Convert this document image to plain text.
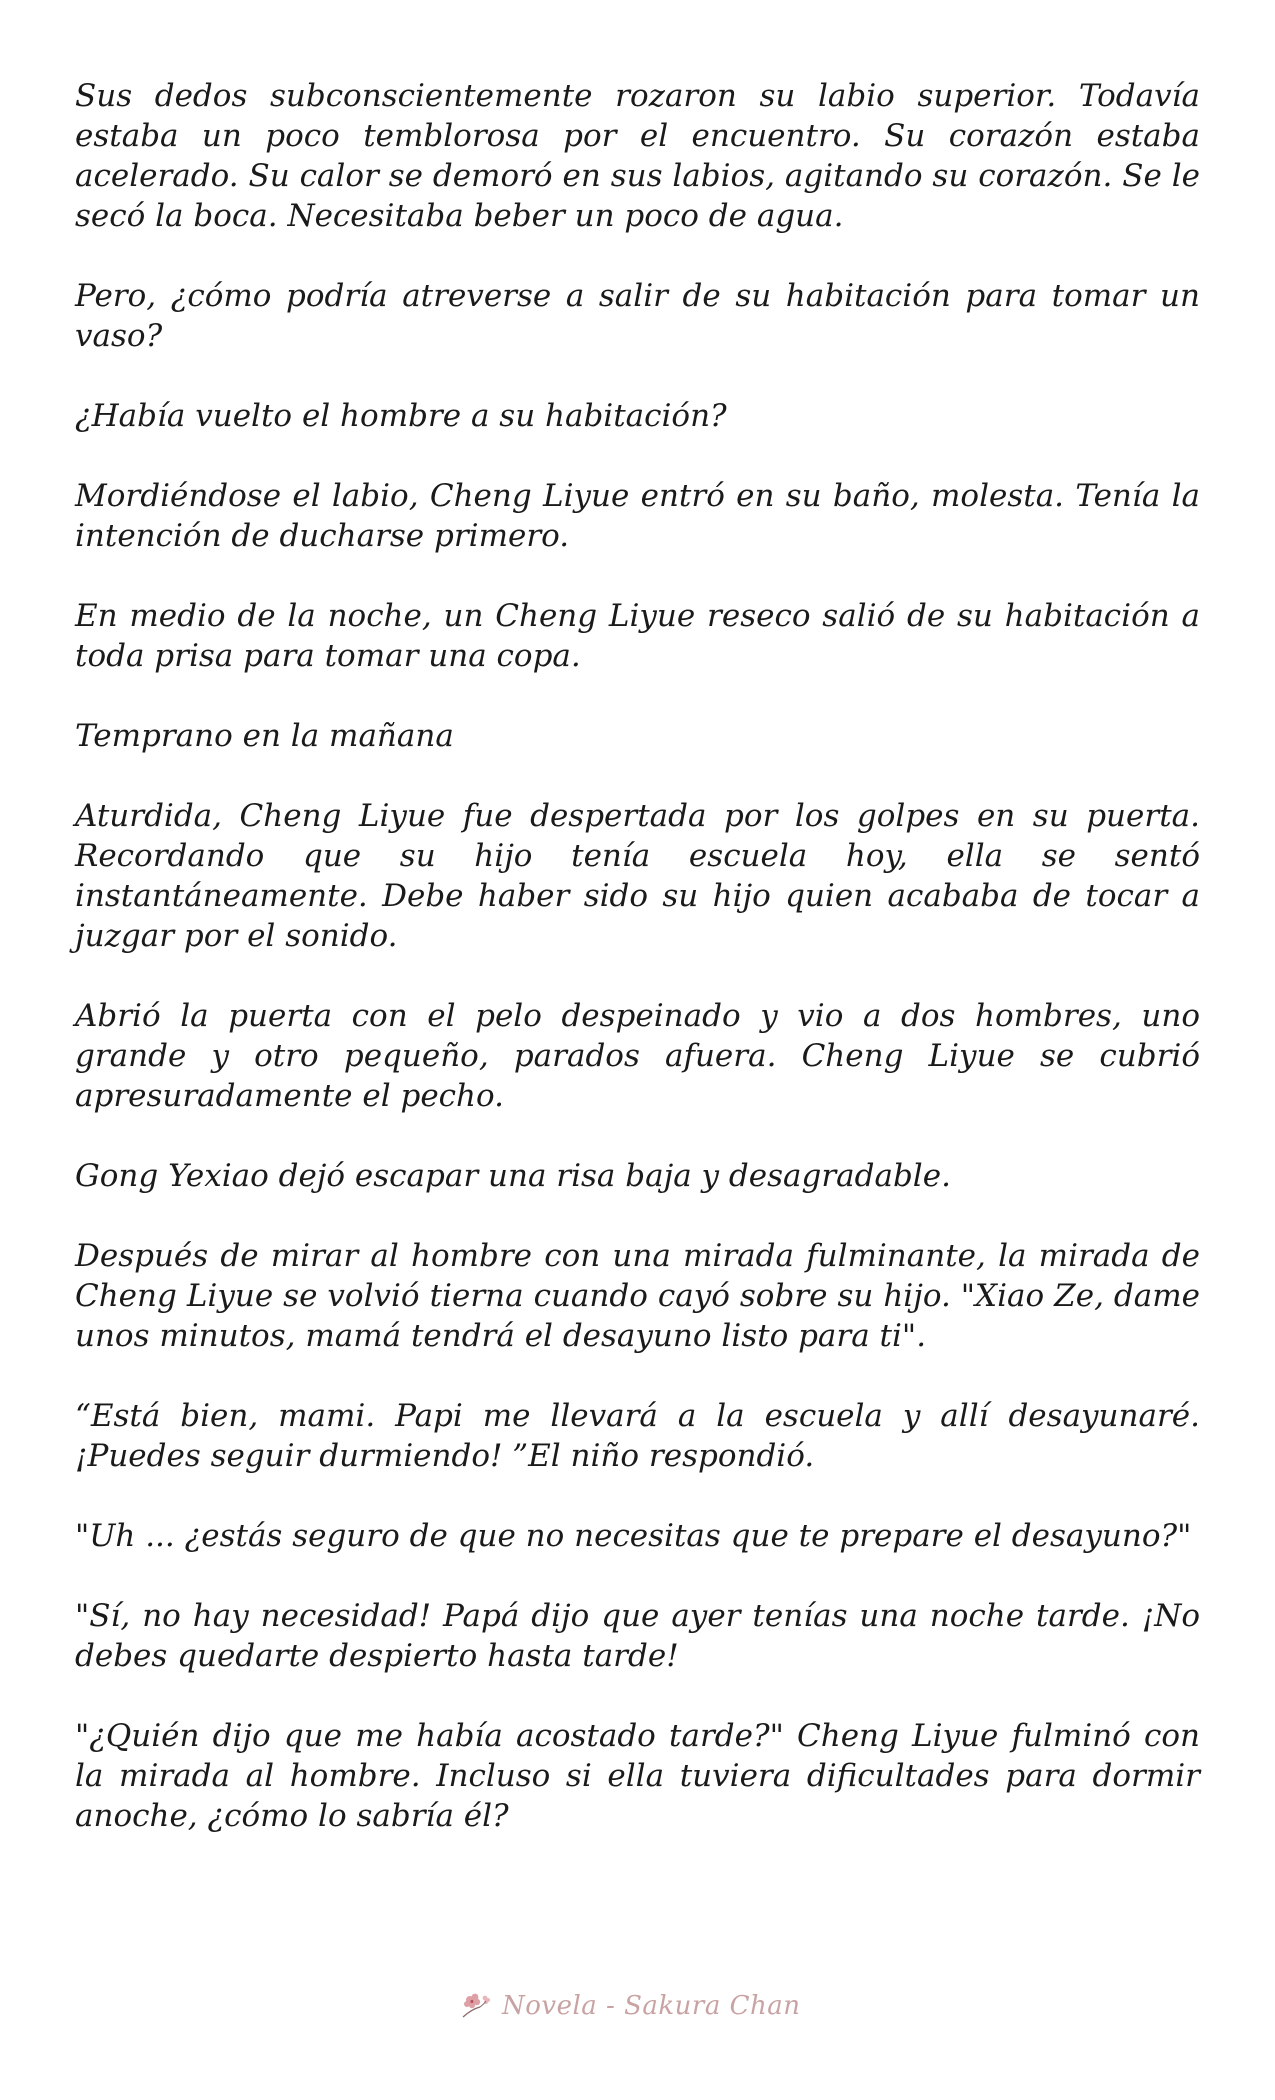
Sus dedos subconscientemente rozaron su labio superior. Todavía estaba un poco temblorosa por el encuentro. Su corazón estaba acelerado. Su calor se demoró en sus labios, agitando su corazón. Se le secó la boca. Necesitaba beber un poco de agua.

Pero, ¿cómo podría atreverse a salir de su habitación para tomar un vaso?

¿Había vuelto el hombre a su habitación?

Mordiéndose el labio, Cheng Liyue entró en su baño, molesta. Tenía la intención de ducharse primero.

En medio de la noche, un Cheng Liyue reseco salió de su habitación a toda prisa para tomar una copa.

Temprano en la mañana

Aturdida, Cheng Liyue fue despertada por los golpes en su puerta. Recordando que su hijo tenía escuela hoy, ella se sentó instantáneamente. Debe haber sido su hijo quien acababa de tocar a juzgar por el sonido.

Abrió la puerta con el pelo despeinado y vio a dos hombres, uno grande y otro pequeño, parados afuera. Cheng Liyue se cubrió apresuradamente el pecho.

Gong Yexiao dejó escapar una risa baja y desagradable.

Después de mirar al hombre con una mirada fulminante, la mirada de Cheng Liyue se volvió tierna cuando cayó sobre su hijo. "Xiao Ze, dame unos minutos, mamá tendrá el desayuno listo para ti".

“Está bien, mami. Papi me llevará a la escuela y allí desayunaré. ¡Puedes seguir durmiendo! ”El niño respondió.

"Uh ... ¿estás seguro de que no necesitas que te prepare el desayuno?"

"Sí, no hay necesidad! Papá dijo que ayer tenías una noche tarde. ¡No debes quedarte despierto hasta tarde!

"¿Quién dijo que me había acostado tarde?" Cheng Liyue fulminó con la mirada al hombre. Incluso si ella tuviera dificultades para dormir anoche, ¿cómo lo sabría él?

Novela - Sakura Chan
